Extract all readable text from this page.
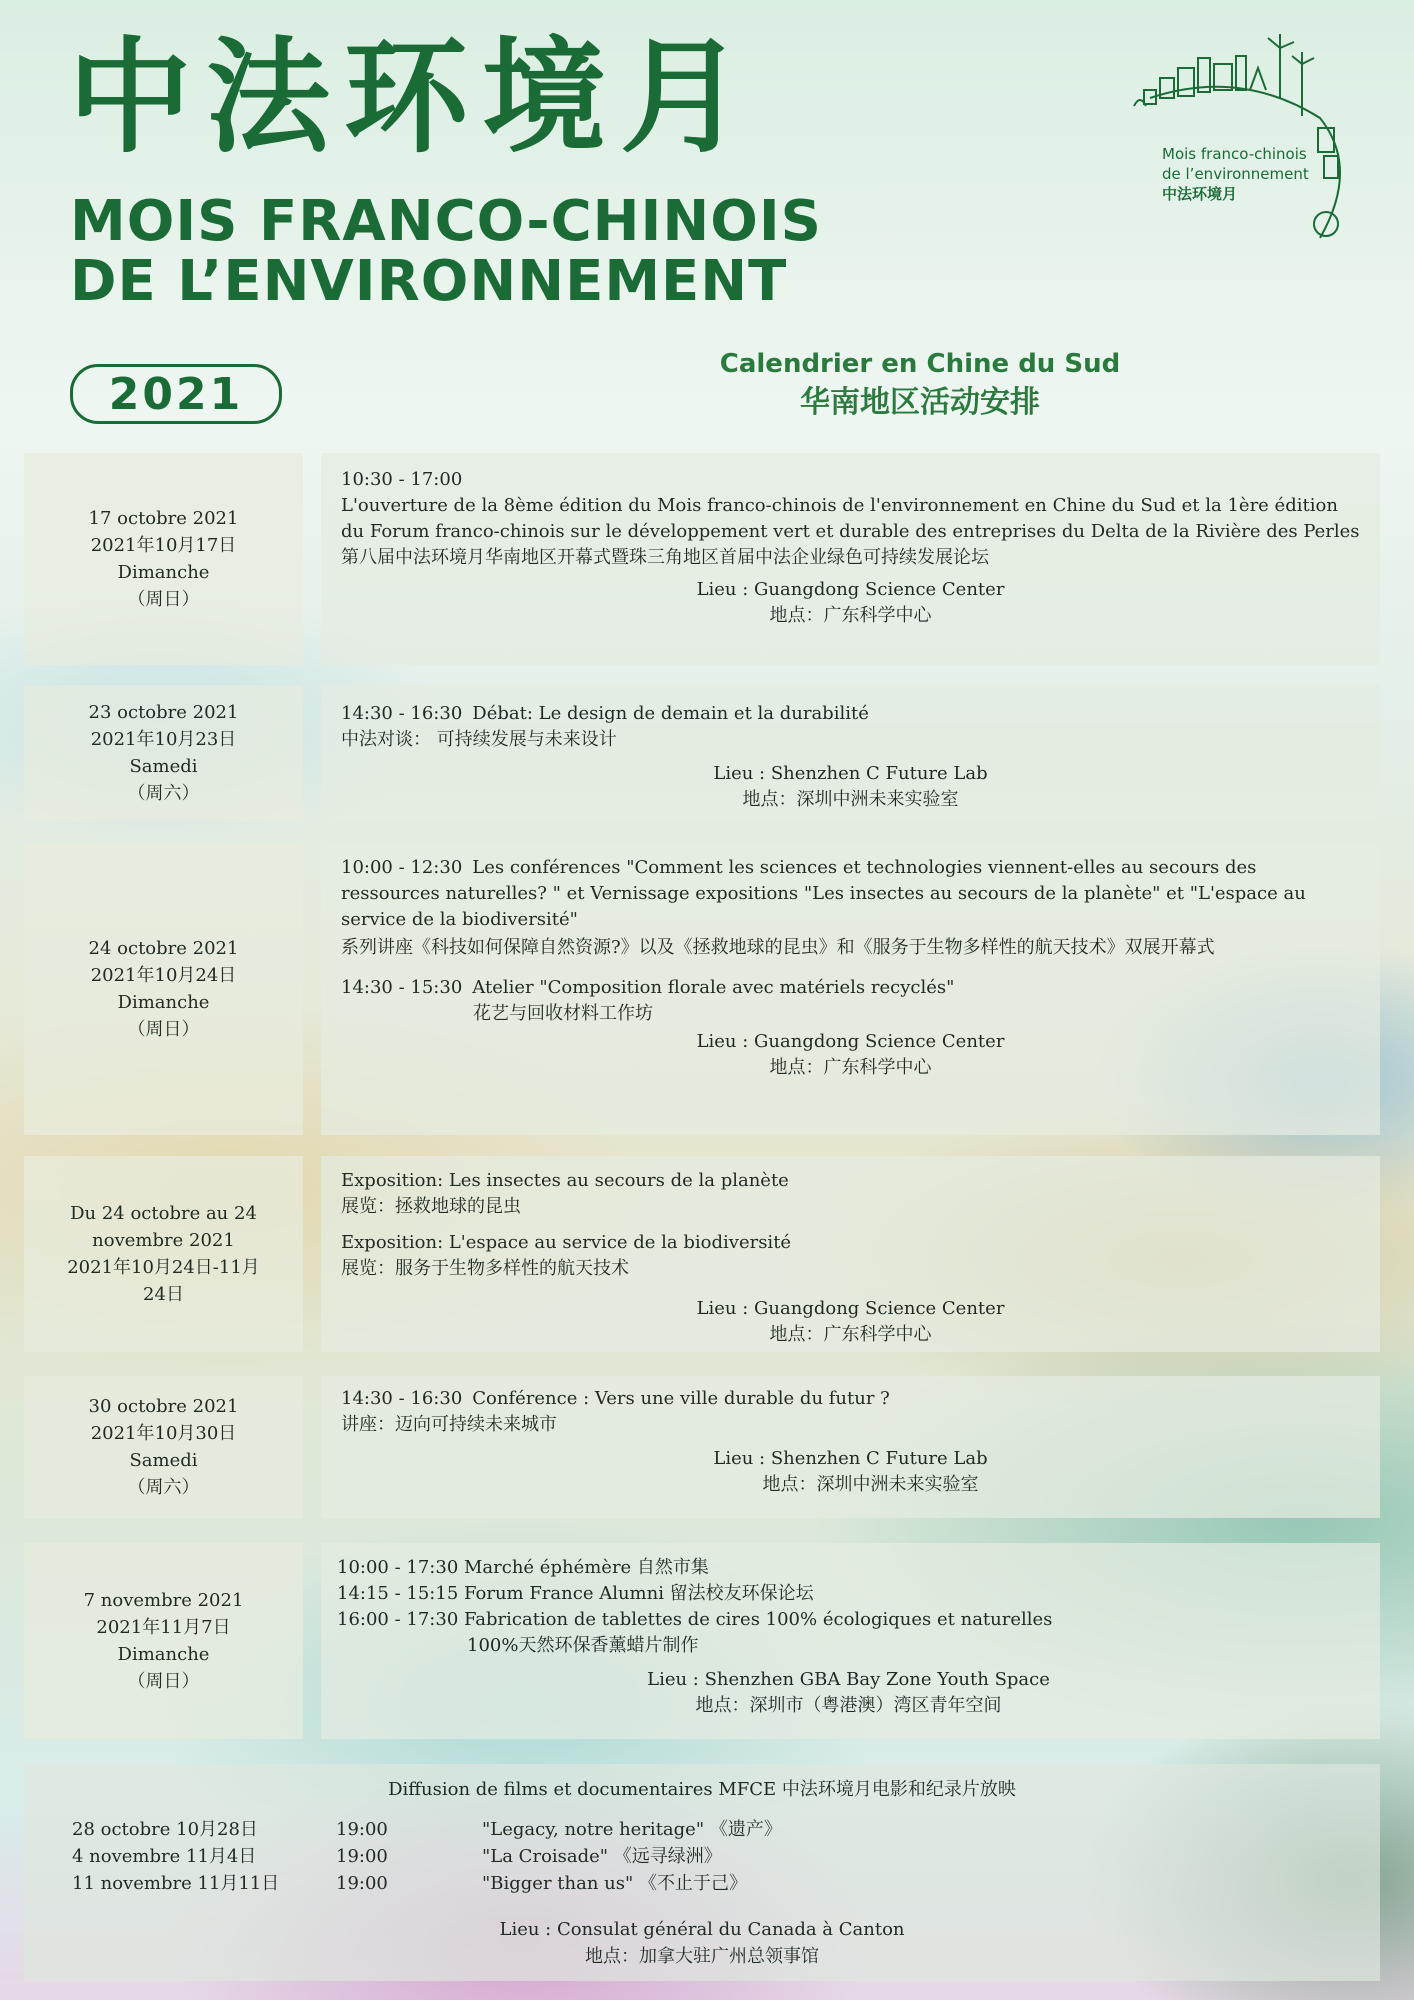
中法环境月
MOIS FRANCO-CHINOIS
DE L’ENVIRONNEMENT
2021
Calendrier en Chine du Sud
华南地区活动安排
Mois franco-chinois
de l’environnement
中法环境月
17 octobre 2021
2021年10月17日
Dimanche
（周日）

10:30 - 17:00

L'ouverture de la 8ème édition du Mois franco-chinois de l'environnement en Chine du Sud et la 1ère édition du Forum franco-chinois sur le développement vert et durable des entreprises du Delta de la Rivière des Perles

第八届中法环境月华南地区开幕式暨珠三角地区首届中法企业绿色可持续发展论坛

Lieu : Guangdong Science Center

地点：广东科学中心

23 octobre 2021
2021年10月23日
Samedi
（周六）

14:30 - 16:30 Débat: Le design de demain et la durabilité

中法对谈： 可持续发展与未来设计

Lieu : Shenzhen C Future Lab

地点：深圳中洲未来实验室

24 octobre 2021
2021年10月24日
Dimanche
（周日）

10:00 - 12:30 Les conférences "Comment les sciences et technologies viennent-elles au secours des ressources naturelles? " et Vernissage expositions "Les insectes au secours de la planète" et "L'espace au service de la biodiversité"

系列讲座《科技如何保障自然资源?》以及《拯救地球的昆虫》和《服务于生物多样性的航天技术》双展开幕式

14:30 - 15:30 Atelier "Composition florale avec matériels recyclés"

花艺与回收材料工作坊

Lieu : Guangdong Science Center

地点：广东科学中心

Du 24 octobre au 24
novembre 2021
2021年10月24日-11月
24日

Exposition: Les insectes au secours de la planète

展览：拯救地球的昆虫

Exposition: L'espace au service de la biodiversité

展览：服务于生物多样性的航天技术

Lieu : Guangdong Science Center

地点：广东科学中心

30 octobre 2021
2021年10月30日
Samedi
（周六）

14:30 - 16:30 Conférence : Vers une ville durable du futur ?

讲座：迈向可持续未来城市

Lieu : Shenzhen C Future Lab

地点：深圳中洲未来实验室

7 novembre 2021
2021年11月7日
Dimanche
（周日）

10:00 - 17:30 Marché éphémère 自然市集

14:15 - 15:15 Forum France Alumni 留法校友环保论坛

16:00 - 17:30 Fabrication de tablettes de cires 100% écologiques et naturelles

100%天然环保香薰蜡片制作

Lieu : Shenzhen GBA Bay Zone Youth Space

地点：深圳市（粤港澳）湾区青年空间

Diffusion de films et documentaires MFCE 中法环境月电影和纪录片放映
28 octobre 10月28日	19:00	"Legacy, notre heritage" 《遗产》
4 novembre 11月4日	19:00	"La Croisade" 《远寻绿洲》
11 novembre 11月11日	19:00	"Bigger than us" 《不止于己》
Lieu : Consulat général du Canada à Canton
地点：加拿大驻广州总领事馆
